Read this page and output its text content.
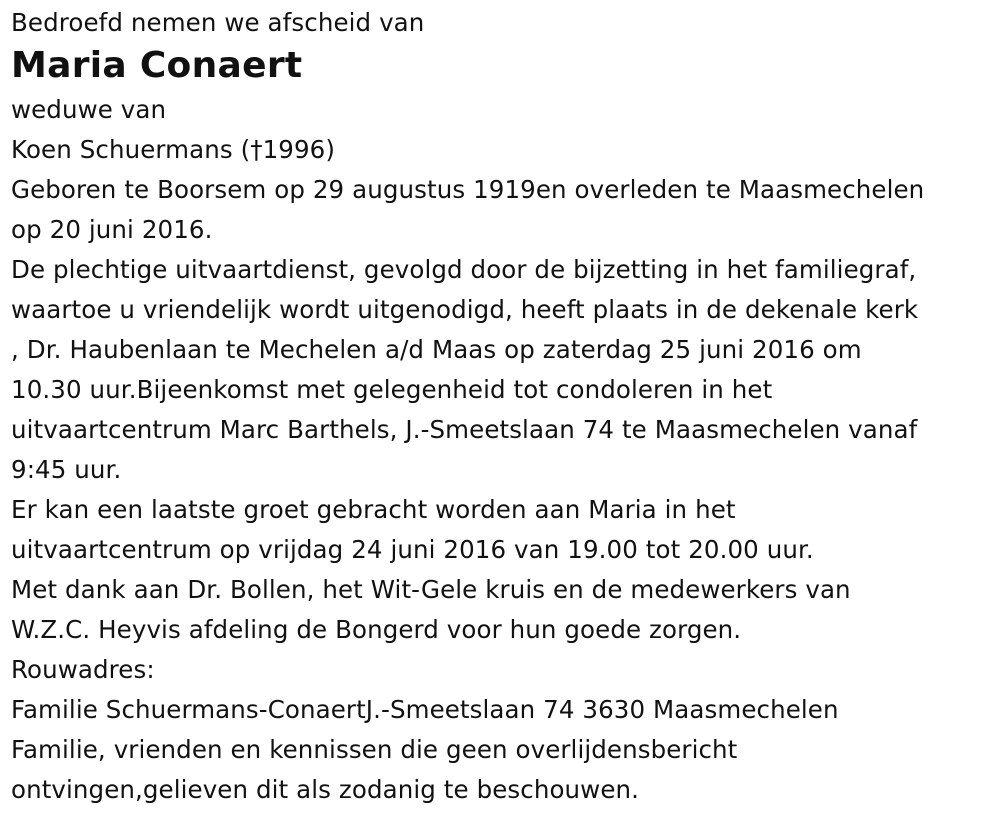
Bedroefd nemen we afscheid van
Maria Conaert
weduwe van
Koen Schuermans (†1996)
Geboren te Boorsem op 29 augustus 1919en overleden te Maasmechelen
op 20 juni 2016.
De plechtige uitvaartdienst, gevolgd door de bijzetting in het familiegraf,
waartoe u vriendelijk wordt uitgenodigd, heeft plaats in de dekenale kerk
, Dr. Haubenlaan te Mechelen a/d Maas op zaterdag 25 juni 2016 om
10.30 uur.Bijeenkomst met gelegenheid tot condoleren in het
uitvaartcentrum Marc Barthels, J.-Smeetslaan 74 te Maasmechelen vanaf
9:45 uur.
Er kan een laatste groet gebracht worden aan Maria in het
uitvaartcentrum op vrijdag 24 juni 2016 van 19.00 tot 20.00 uur.
Met dank aan Dr. Bollen, het Wit-Gele kruis en de medewerkers van
W.Z.C. Heyvis afdeling de Bongerd voor hun goede zorgen.
Rouwadres:
Familie Schuermans-ConaertJ.-Smeetslaan 74 3630 Maasmechelen
Familie, vrienden en kennissen die geen overlijdensbericht
ontvingen,gelieven dit als zodanig te beschouwen.
